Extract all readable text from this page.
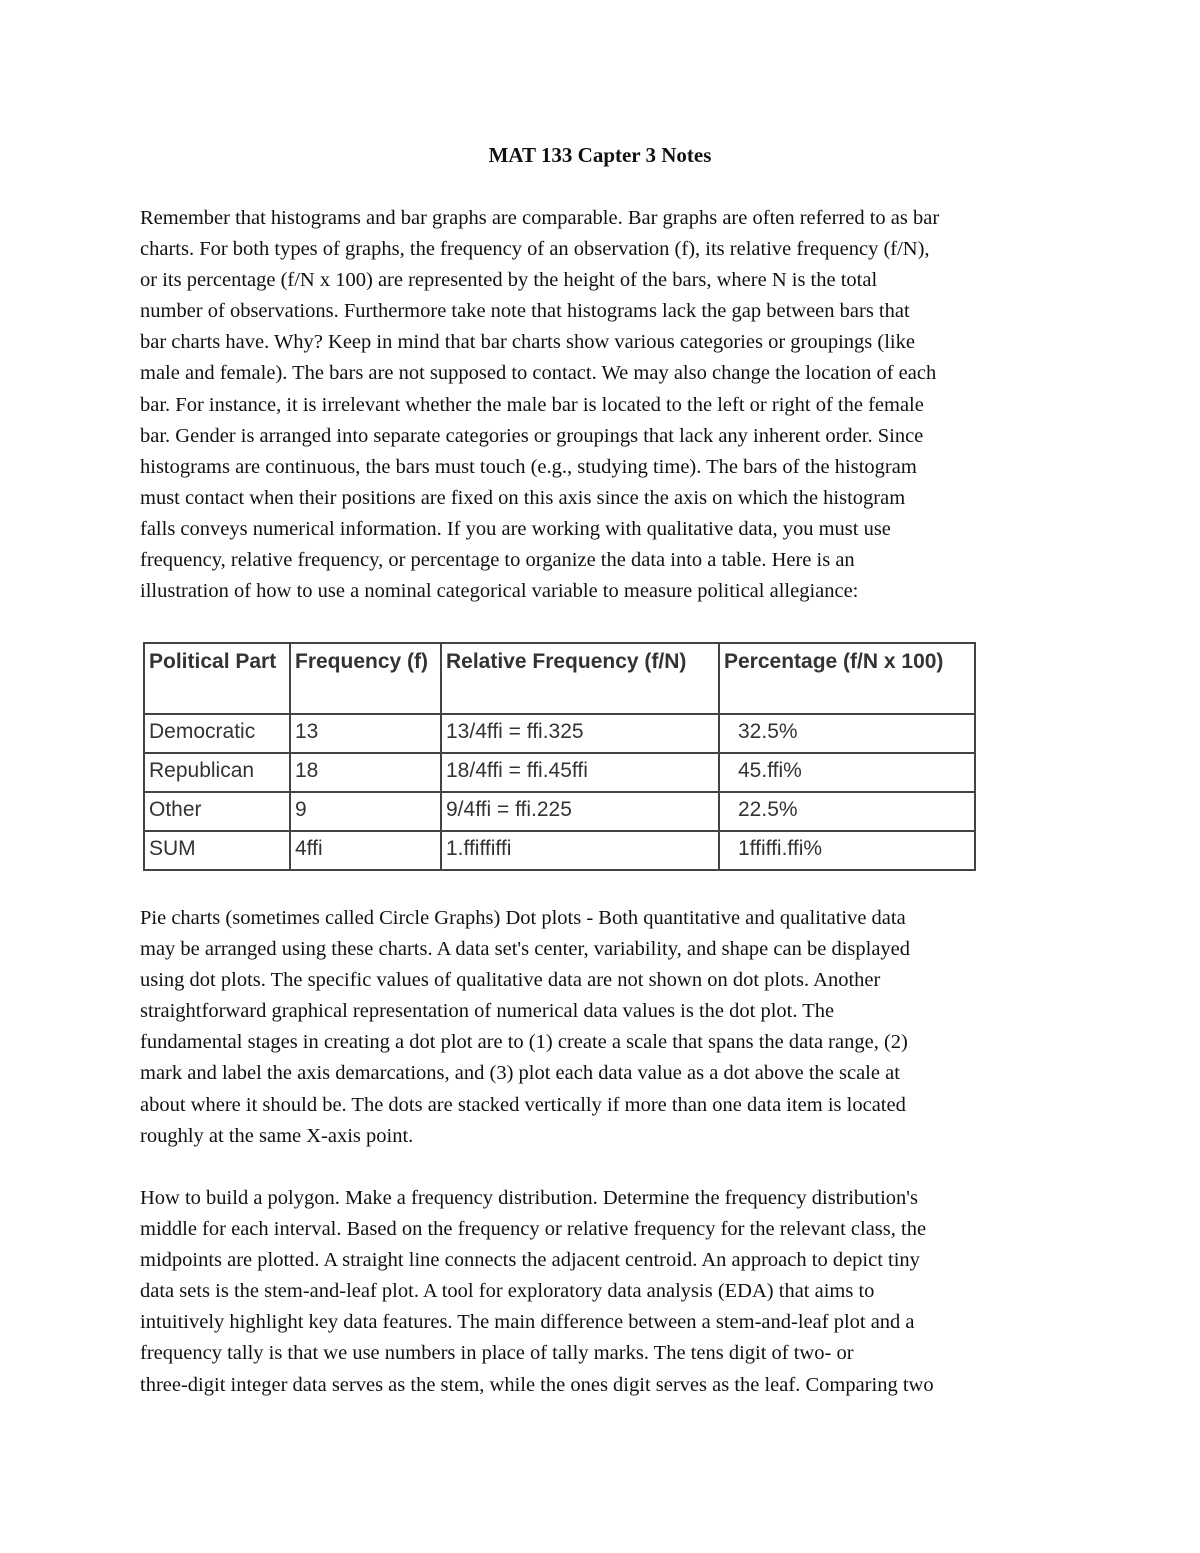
MAT 133 Capter 3 Notes
Remember that histograms and bar graphs are comparable. Bar graphs are often referred to as bar
charts. For both types of graphs, the frequency of an observation (f), its relative frequency (f/N),
or its percentage (f/N x 100) are represented by the height of the bars, where N is the total
number of observations. Furthermore take note that histograms lack the gap between bars that
bar charts have. Why? Keep in mind that bar charts show various categories or groupings (like
male and female). The bars are not supposed to contact. We may also change the location of each
bar. For instance, it is irrelevant whether the male bar is located to the left or right of the female
bar. Gender is arranged into separate categories or groupings that lack any inherent order. Since
histograms are continuous, the bars must touch (e.g., studying time). The bars of the histogram
must contact when their positions are fixed on this axis since the axis on which the histogram
falls conveys numerical information. If you are working with qualitative data, you must use
frequency, relative frequency, or percentage to organize the data into a table. Here is an
illustration of how to use a nominal categorical variable to measure political allegiance:
Political Part	Frequency (f)	Relative Frequency (f/N)	Percentage (f/N x 100)
Democratic	13	13/4ffi = ffi.325	32.5%
Republican	18	18/4ffi = ffi.45ffi	45.ffi%
Other	9	9/4ffi = ffi.225	22.5%
SUM	4ffi	1.ffiffiffi	1ffiffi.ffi%
Pie charts (sometimes called Circle Graphs) Dot plots - Both quantitative and qualitative data
may be arranged using these charts. A data set's center, variability, and shape can be displayed
using dot plots. The specific values of qualitative data are not shown on dot plots. Another
straightforward graphical representation of numerical data values is the dot plot. The
fundamental stages in creating a dot plot are to (1) create a scale that spans the data range, (2)
mark and label the axis demarcations, and (3) plot each data value as a dot above the scale at
about where it should be. The dots are stacked vertically if more than one data item is located
roughly at the same X-axis point.
How to build a polygon. Make a frequency distribution. Determine the frequency distribution's
middle for each interval. Based on the frequency or relative frequency for the relevant class, the
midpoints are plotted. A straight line connects the adjacent centroid. An approach to depict tiny
data sets is the stem-and-leaf plot. A tool for exploratory data analysis (EDA) that aims to
intuitively highlight key data features. The main difference between a stem-and-leaf plot and a
frequency tally is that we use numbers in place of tally marks. The tens digit of two- or
three-digit integer data serves as the stem, while the ones digit serves as the leaf. Comparing two
